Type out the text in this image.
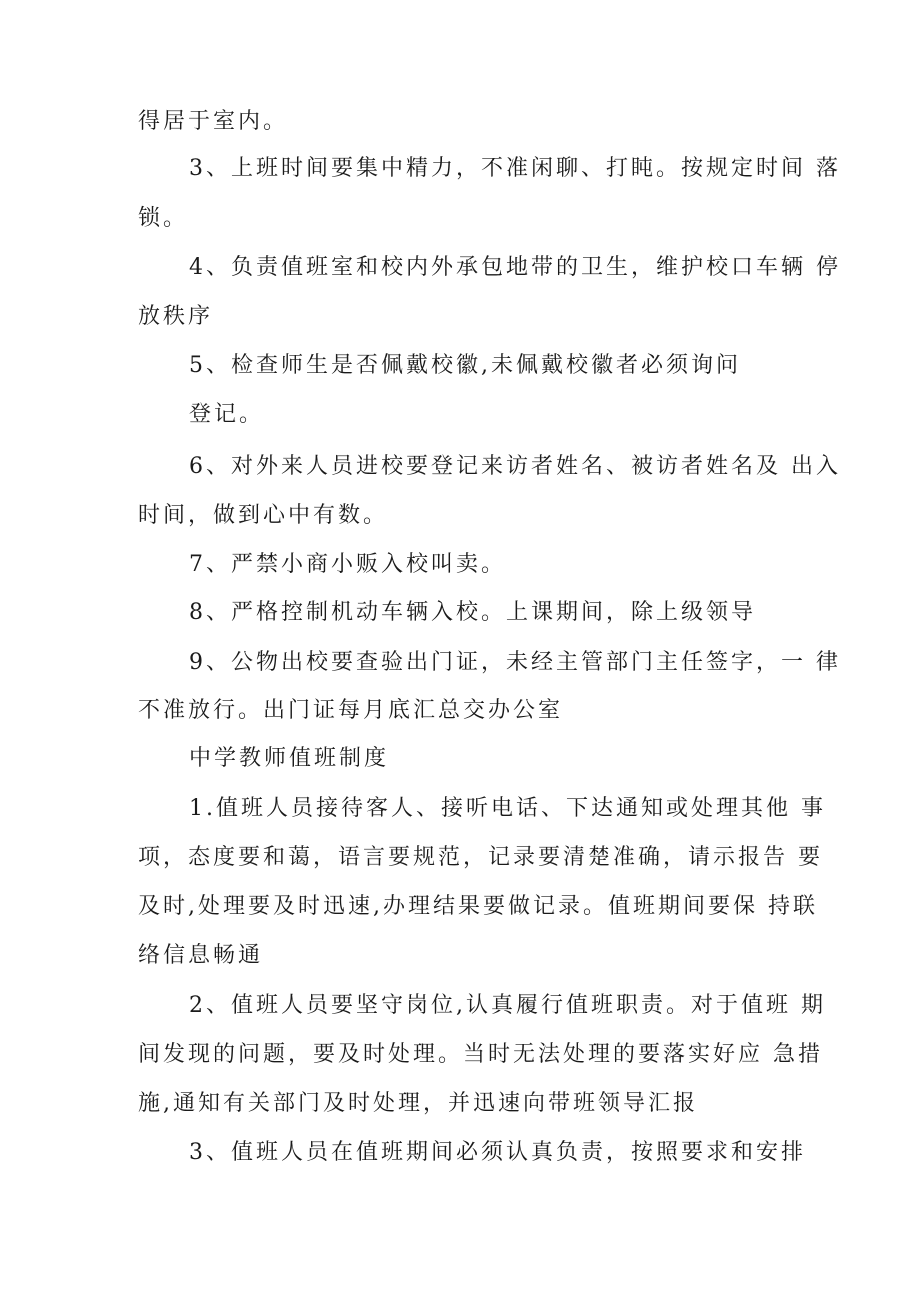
得居于室内。
3、上班时间要集中精力，不准闲聊、打盹。按规定时间 落
锁。
4、负责值班室和校内外承包地带的卫生，维护校口车辆 停
放秩序
5、检查师生是否佩戴校徽,未佩戴校徽者必须询问
登记。
6、对外来人员进校要登记来访者姓名、被访者姓名及 出入
时间，做到心中有数。
7、严禁小商小贩入校叫卖。
8、严格控制机动车辆入校。上课期间，除上级领导
9、公物出校要查验出门证，未经主管部门主任签字，一 律
不准放行。出门证每月底汇总交办公室
中学教师值班制度
1.值班人员接待客人、接听电话、下达通知或处理其他 事
项，态度要和蔼，语言要规范，记录要清楚准确，请示报告 要
及时,处理要及时迅速,办理结果要做记录。值班期间要保 持联
络信息畅通
2、值班人员要坚守岗位,认真履行值班职责。对于值班 期
间发现的问题，要及时处理。当时无法处理的要落实好应 急措
施,通知有关部门及时处理，并迅速向带班领导汇报
3、值班人员在值班期间必须认真负责，按照要求和安排
